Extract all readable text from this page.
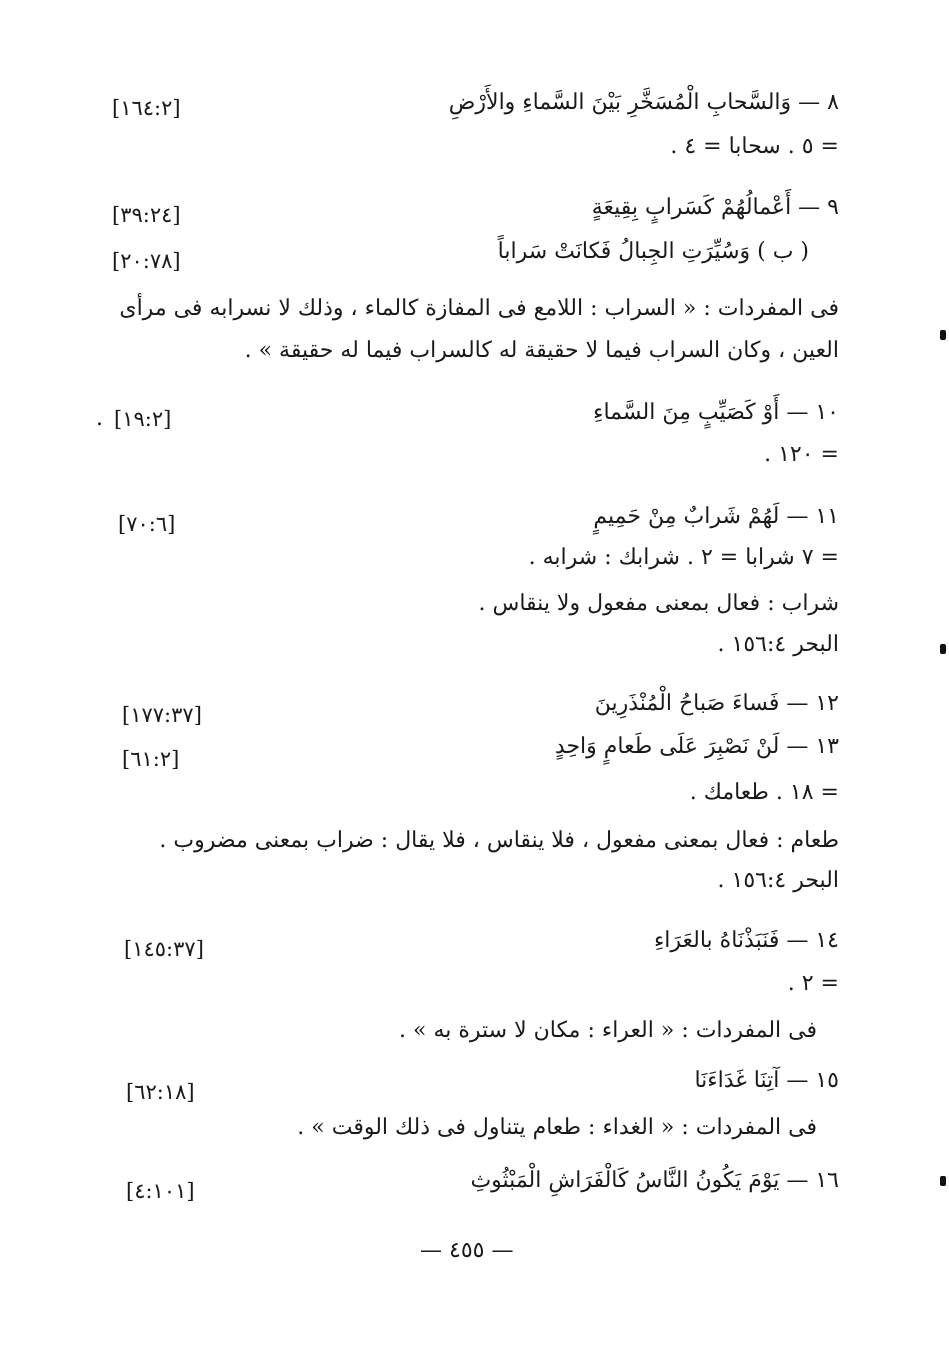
٨ — وَالسَّحابِ الْمُسَخَّرِ بَيْنَ السَّماءِ والأَرْضِ
[١٦٤:٢]
= ٥ . سحابا = ٤ .
٩ — أَعْمالُهُمْ كَسَرابٍ بِقِيعَةٍ
[٣٩:٢٤]
( ب ) وَسُيِّرَتِ الجِبالُ فَكانَتْ سَراباً
[٢٠:٧٨]
فى المفردات : « السراب : اللامع فى المفازة كالماء ، وذلك لا نسرابه فى مرأى
العين ، وكان السراب فيما لا حقيقة له كالسراب فيما له حقيقة » .
١٠ — أَوْ كَصَيِّبٍ مِنَ السَّماءِ
[١٩:٢]
.
= ١٢٠ .
١١ — لَهُمْ شَرابٌ مِنْ حَمِيمٍ
[٧٠:٦]
= ٧ شرابا = ٢ . شرابك : شرابه .
شراب : فعال بمعنى مفعول ولا ينقاس .
البحر ١٥٦:٤ .
١٢ — فَساءَ صَباحُ الْمُنْذَرِينَ
[١٧٧:٣٧]
١٣ — لَنْ نَصْبِرَ عَلَى طَعامٍ وَاحِدٍ
[٦١:٢]
= ١٨ . طعامك .
طعام : فعال بمعنى مفعول ، فلا ينقاس ، فلا يقال : ضراب بمعنى مضروب .
البحر ١٥٦:٤ .
١٤ — فَنَبَذْنَاهُ بالعَرَاءِ
[١٤٥:٣٧]
= ٢ .
فى المفردات : « العراء : مكان لا سترة به » .
١٥ — آتِنَا غَدَاءَنَا
[٦٢:١٨]
فى المفردات : « الغداء : طعام يتناول فى ذلك الوقت » .
١٦ — يَوْمَ يَكُونُ النَّاسُ كَالْفَرَاشِ الْمَبْثُوثِ
[٤:١٠١]
— ٤٥٥ —
